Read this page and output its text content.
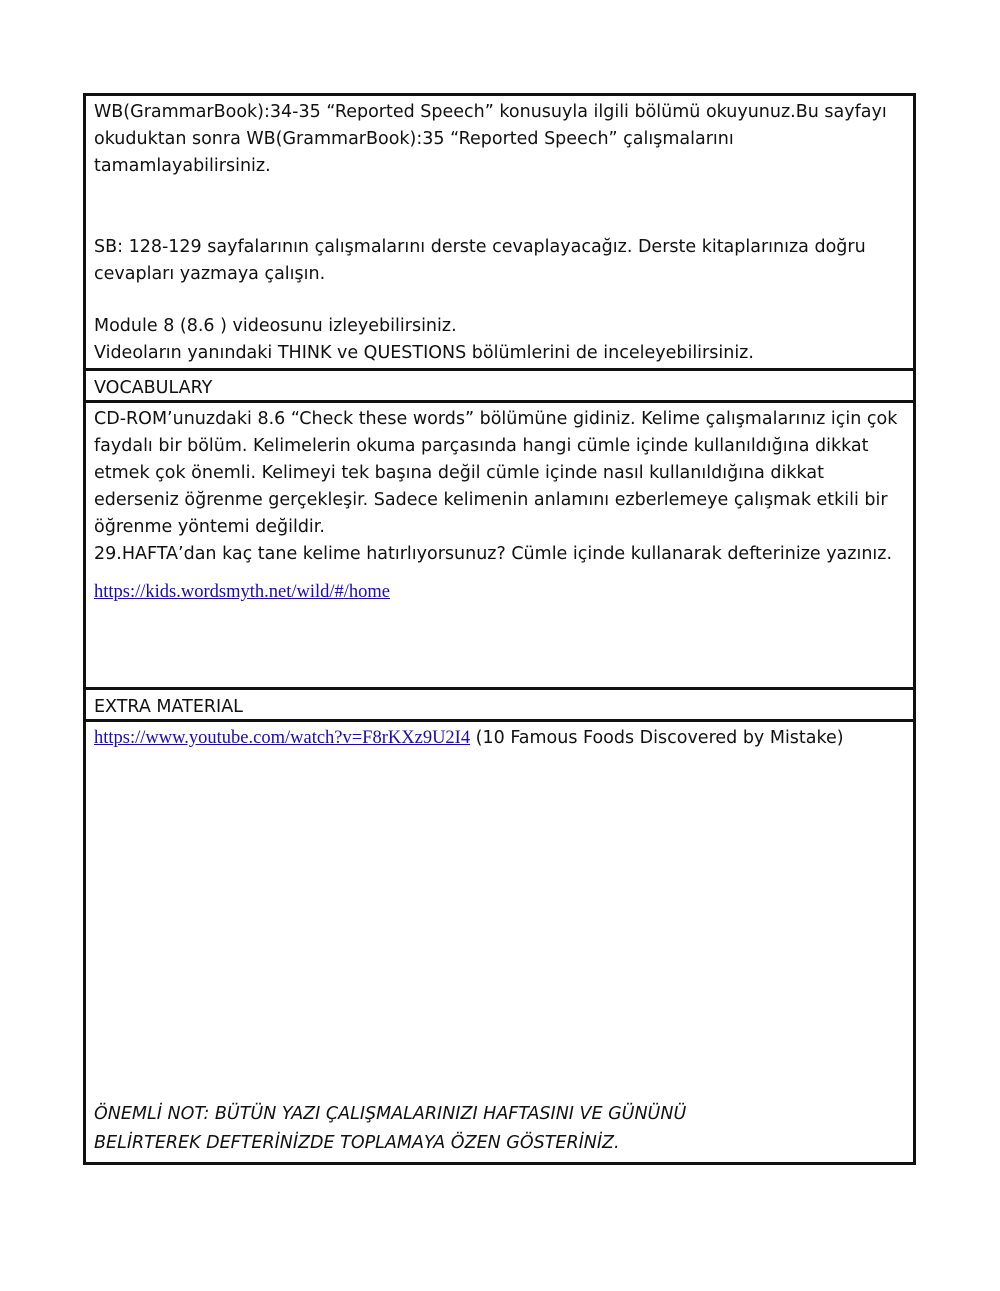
WB(GrammarBook):34-35 “Reported Speech” konusuyla ilgili bölümü okuyunuz.Bu sayfayı okuduktan sonra WB(GrammarBook):35 “Reported Speech” çalışmalarını tamamlayabilirsiniz.

SB: 128-129 sayfalarının çalışmalarını derste cevaplayacağız. Derste kitaplarınıza doğru cevapları yazmaya çalışın.

Module 8 (8.6 ) videosunu izleyebilirsiniz.

Videoların yanındaki THINK ve QUESTIONS bölümlerini de inceleyebilirsiniz.

VOCABULARY

CD-ROM’unuzdaki 8.6 “Check these words” bölümüne gidiniz. Kelime çalışmalarınız için çok faydalı bir bölüm. Kelimelerin okuma parçasında hangi cümle içinde kullanıldığına dikkat etmek çok önemli. Kelimeyi tek başına değil cümle içinde nasıl kullanıldığına dikkat ederseniz öğrenme gerçekleşir. Sadece kelimenin anlamını ezberlemeye çalışmak etkili bir öğrenme yöntemi değildir.

29.HAFTA’dan kaç tane kelime hatırlıyorsunuz? Cümle içinde kullanarak defterinize yazınız.

https://kids.wordsmyth.net/wild/#/home
EXTRA MATERIAL

https://www.youtube.com/watch?v=F8rKXz9U2I4 (10 Famous Foods Discovered by Mistake)

ÖNEMLİ NOT: BÜTÜN YAZI ÇALIŞMALARINIZI HAFTASINI VE GÜNÜNÜ
BELİRTEREK DEFTERİNİZDE TOPLAMAYA ÖZEN GÖSTERİNİZ.
